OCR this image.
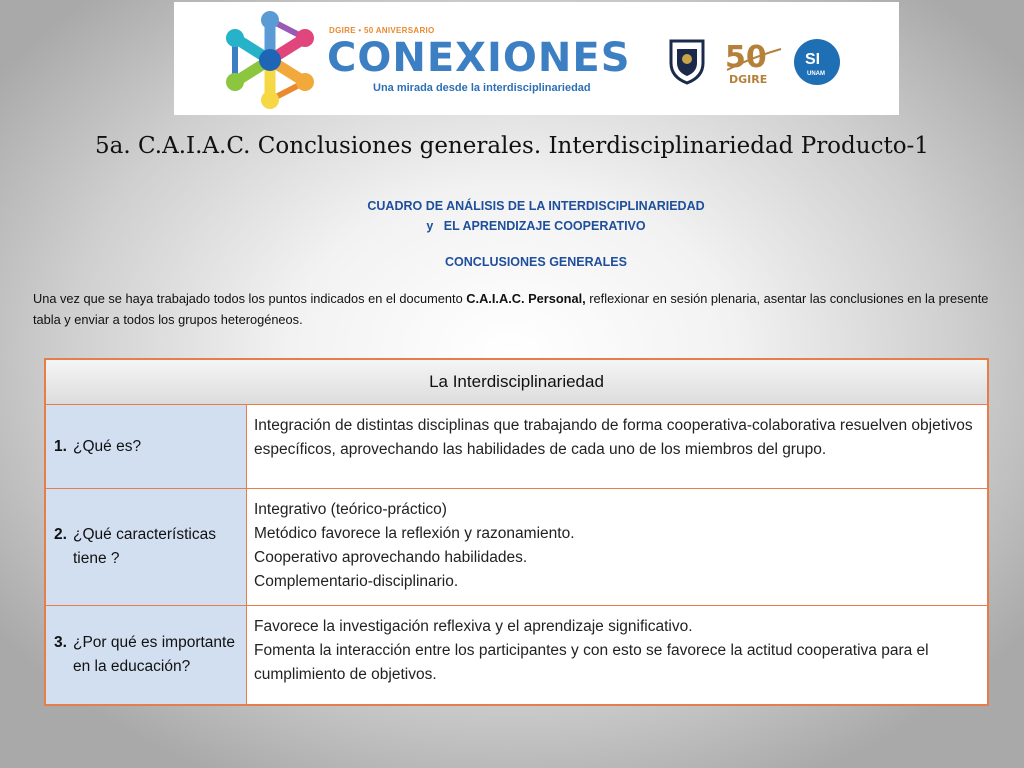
DGIRE • 50 ANIVERSARIO
CONEXIONES
Una mirada desde la interdisciplinariedad
50
DGIRE
SI
UNAM
5a. C.A.I.A.C. Conclusiones generales. Interdisciplinariedad Producto-1
CUADRO DE ANÁLISIS DE LA INTERDISCIPLINARIEDAD
y   EL APRENDIZAJE COOPERATIVO
CONCLUSIONES GENERALES
Una vez que se haya trabajado todos los puntos indicados en el documento C.A.I.A.C. Personal, reflexionar en sesión plenaria, asentar las conclusiones en la presente tabla y enviar a todos los grupos heterogéneos.
La Interdisciplinariedad	

1. ¿Qué es?	Integración de distintas disciplinas que trabajando de forma cooperativa-colaborativa resuelven objetivos específicos, aprovechando las habilidades de cada uno de los miembros del grupo.

2. ¿Qué características tiene ?	Integrativo (teórico-práctico)
Metódico favorece la reflexión y razonamiento.
Cooperativo aprovechando habilidades.
Complementario-disciplinario.

3. ¿Por qué es importante en la educación?	Favorece la investigación reflexiva y el aprendizaje significativo.
Fomenta la interacción entre los participantes y con esto se favorece la actitud cooperativa para el cumplimiento de objetivos.
